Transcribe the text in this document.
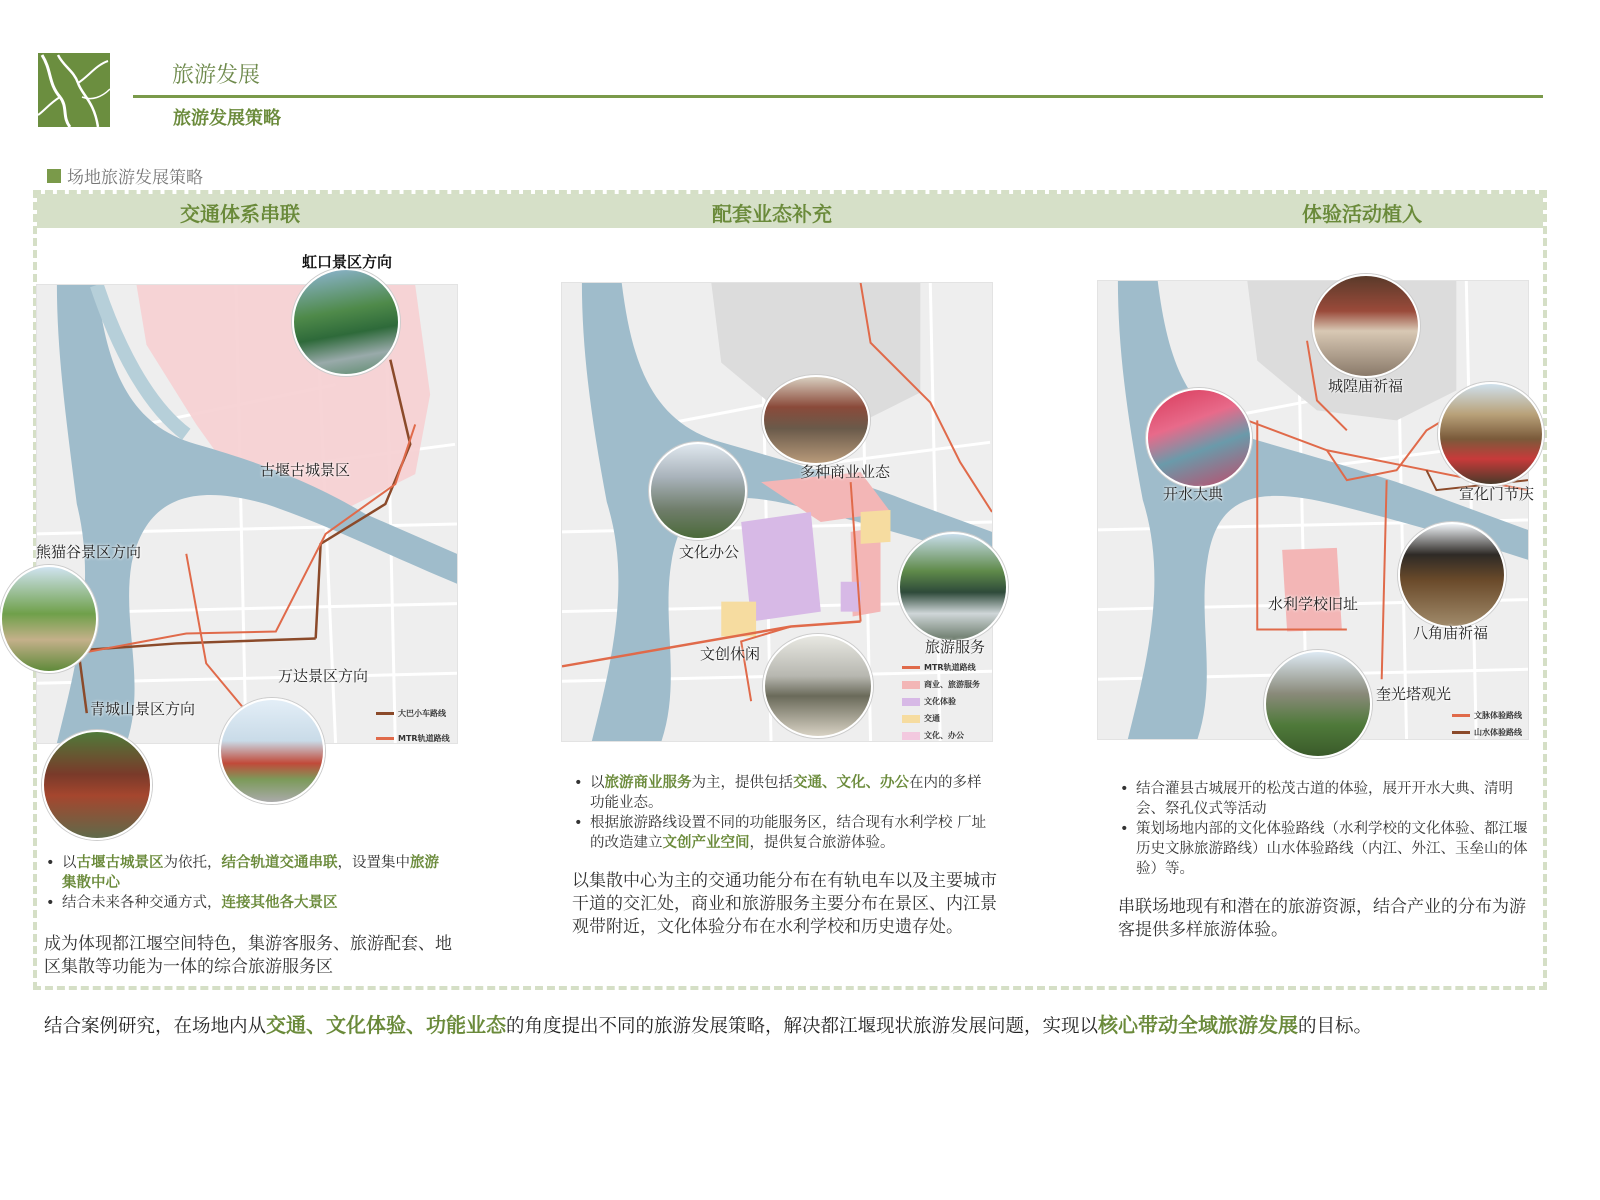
旅游发展
旅游发展策略
场地旅游发展策略
交通体系串联	配套业态补充	体验活动植入
虹口景区方向
古堰古城景区
熊猫谷景区方向
万达景区方向
青城山景区方向	大巴小车路线
MTR轨道路线
多种商业业态
文化办公
文创休闲	旅游服务
MTR轨道路线
商业、旅游服务
文化体验
交通
文化、办公
城隍庙祈福
开水大典	宣化门节庆
水利学校旧址
八角庙祈福
奎光塔观光
文脉体验路线
山水体验路线
• 以古堰古城景区为依托，结合轨道交通串联，设置集中旅游集散中心
• 结合未来各种交通方式，连接其他各大景区
成为体现都江堰空间特色，集游客服务、旅游配套、地区集散等功能为一体的综合旅游服务区
• 以旅游商业服务为主，提供包括交通、文化、办公在内的多样功能业态。
• 根据旅游路线设置不同的功能服务区，结合现有水利学校 厂址的改造建立文创产业空间，提供复合旅游体验。
以集散中心为主的交通功能分布在有轨电车以及主要城市干道的交汇处，商业和旅游服务主要分布在景区、内江景观带附近，文化体验分布在水利学校和历史遗存处。
• 结合灌县古城展开的松茂古道的体验，展开开水大典、清明会、祭孔仪式等活动
• 策划场地内部的文化体验路线（水利学校的文化体验、都江堰历史文脉旅游路线）山水体验路线（内江、外江、玉垒山的体验）等。
串联场地现有和潜在的旅游资源，结合产业的分布为游客提供多样旅游体验。
结合案例研究，在场地内从交通、文化体验、功能业态的角度提出不同的旅游发展策略，解决都江堰现状旅游发展问题，实现以核心带动全域旅游发展的目标。
